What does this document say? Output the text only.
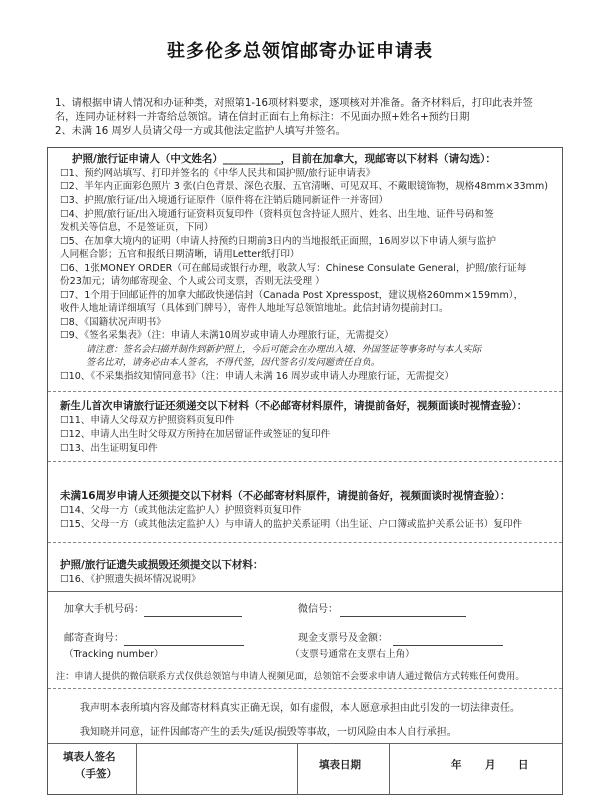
驻多伦多总领馆邮寄办证申请表
1、请根据申请人情况和办证种类，对照第1-16项材料要求，逐项核对并准备。备齐材料后，打印此表并签
名，连同办证材料一并寄给总领馆。请在信封正面右上角标注：不见面办照+姓名+预约日期
2、未满 16 周岁人员请父母一方或其他法定监护人填写并签名。
护照/旅行证申请人（中文姓名）___________，目前在加拿大，现邮寄以下材料（请勾选）：
☐1、预约网站填写、打印并签名的《中华人民共和国护照/旅行证申请表》
☐2、半年内正面彩色照片 3 张(白色背景、深色衣服、五官清晰、可见双耳、不戴眼镜饰物，规格48mm×33mm)
☐3、护照/旅行证/出入境通行证原件（原件将在注销后随同新证件一并寄回）
☐4、护照/旅行证/出入境通行证资料页复印件（资料页包含持证人照片、姓名、出生地、证件号码和签
发机关等信息，不是签证页，下同）
☐5、在加拿大境内的证明（申请人持预约日期前3日内的当地报纸正面照，16周岁以下申请人须与监护
人同框合影；五官和报纸日期清晰，请用Letter纸打印）
☐6、1张MONEY ORDER（可在邮局或银行办理，收款人写：Chinese Consulate General，护照/旅行证每
份23加元；请勿邮寄现金、个人或公司支票，否则无法受理 ）
☐7、1个用于回邮证件的加拿大邮政快递信封（Canada Post Xpresspost，建议规格260mm×159mm），
收件人地址请详细填写（具体到门牌号），寄件人地址写总领馆地址。此信封请勿提前封口。
☐8、《国籍状况声明书》
☐9、《签名采集表》（注：申请人未满10周岁或申请人办理旅行证，无需提交）
请注意：签名会扫描并制作到新护照上，今后可能会在办理出入境、外国签证等事务时与本人实际
签名比对，请务必由本人签名，不得代签，因代签名引发问题责任自负。
☐10、《不采集指纹知情同意书》（注：申请人未满 16 周岁或申请人办理旅行证，无需提交）
新生儿首次申请旅行证还须递交以下材料（不必邮寄材料原件，请提前备好，视频面谈时视情查验）：
☐11、申请人父母双方护照资料页复印件
☐12、申请人出生时父母双方所持在加居留证件或签证的复印件
☐13、出生证明复印件
未满16周岁申请人还须提交以下材料（不必邮寄材料原件，请提前备好，视频面谈时视情查验）：
☐14、父母一方（或其他法定监护人）护照资料页复印件
☐15、父母一方（或其他法定监护人）与申请人的监护关系证明（出生证、户口簿或监护关系公证书）复印件
护照/旅行证遗失或损毁还须提交以下材料：
☐16、《护照遗失损坏情况说明》
加拿大手机号码：	微信号：
邮寄查询号：
（Tracking number）
现金支票号及金额：
（支票号通常在支票右上角）
注：申请人提供的微信联系方式仅供总领馆与申请人视频见面，总领馆不会要求申请人通过微信方式转账任何费用。
我声明本表所填内容及邮寄材料真实正确无误，如有虚假，本人愿意承担由此引发的一切法律责任。
我知晓并同意，证件因邮寄产生的丢失/延误/损毁等事故，一切风险由本人自行承担。
填表人签名
（手签）
填表日期	年 月 日
